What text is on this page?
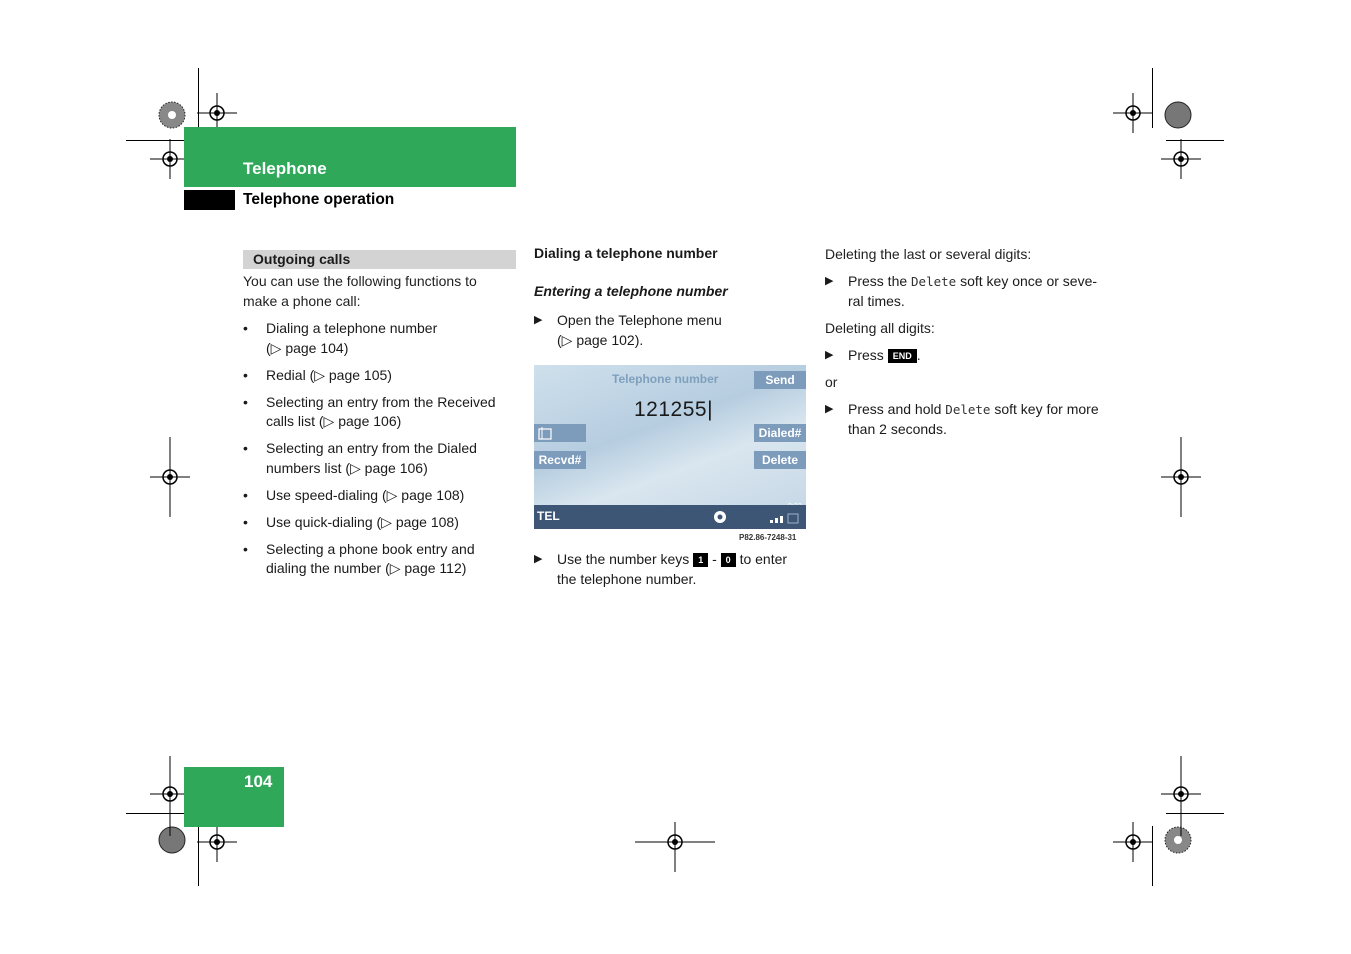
Telephone
Telephone operation
Outgoing calls
You can use the following functions to make a phone call:
• Dialing a telephone number
(▷ page 104)
• Redial (▷ page 105)
• Selecting an entry from the Received
calls list (▷ page 106)
• Selecting an entry from the Dialed
numbers list (▷ page 106)
• Use speed-dialing (▷ page 108)
• Use quick-dialing (▷ page 108)
• Selecting a phone book entry and
dialing the number (▷ page 112)
Dialing a telephone number
Entering a telephone number
▶ Open the Telephone menu
(▷ page 102).
Telephone number	Send
121255|
Dialed#
Recvd#	Delete
TEL
P82.86-7248-31
▶ Use the number keys 1 - 0 to enter
the telephone number.
Deleting the last or several digits:
▶ Press the Delete soft key once or seve-
ral times.
Deleting all digits:
▶ Press END .
or
▶ Press and hold Delete soft key for more
than 2 seconds.
104
